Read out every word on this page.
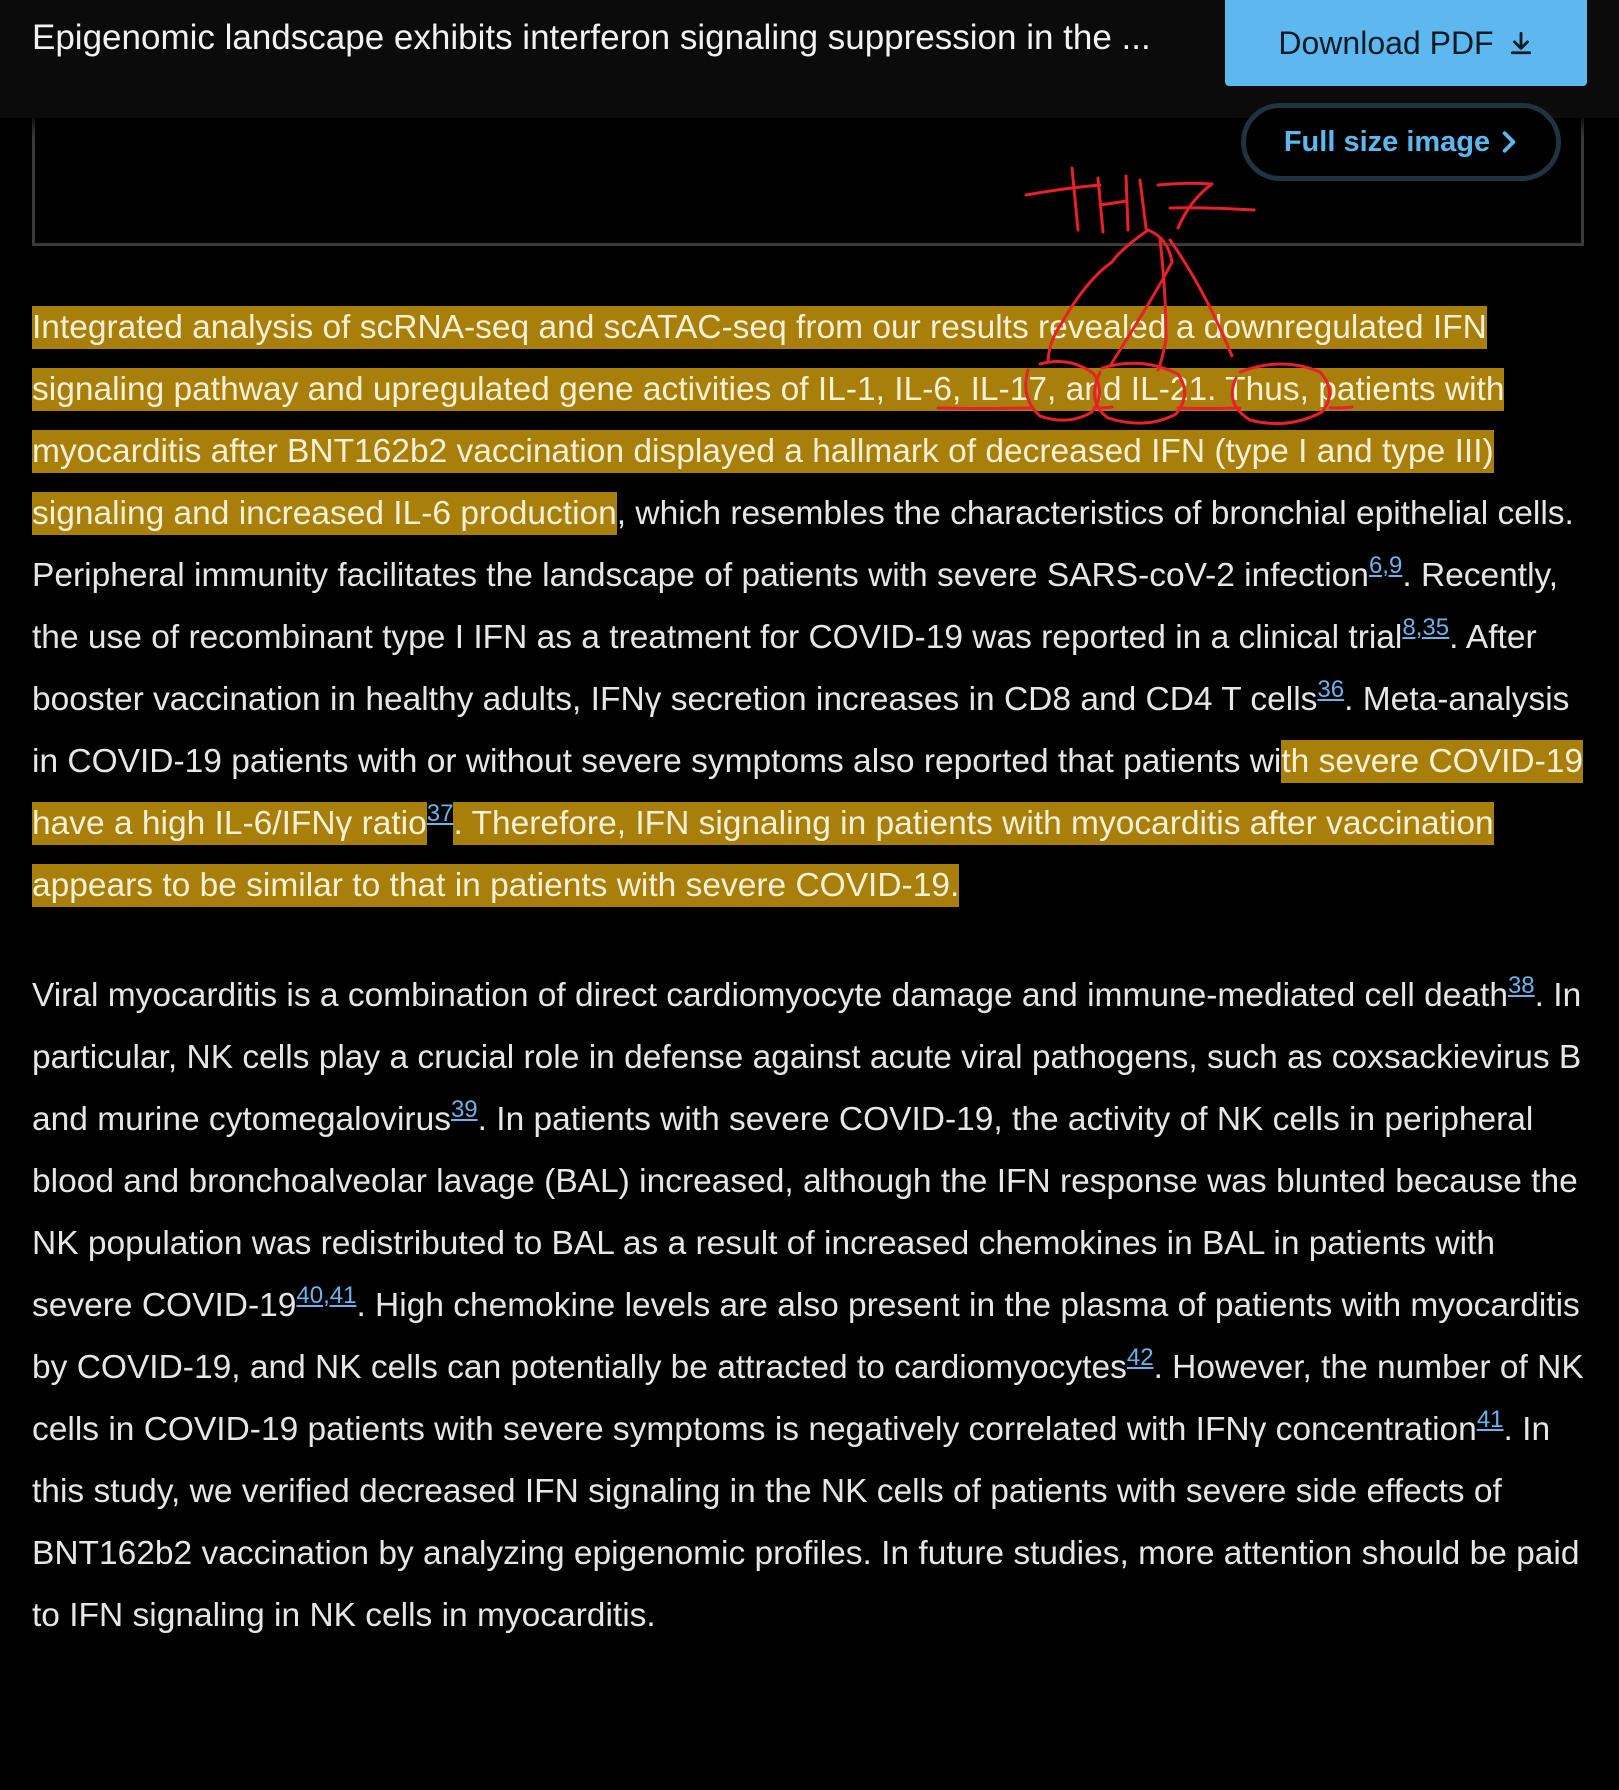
Epigenomic landscape exhibits interferon signaling suppression in the ...	Download PDF
Full size image

Integrated analysis of scRNA-seq and scATAC-seq from our results revealed a downregulated IFN signaling pathway and upregulated gene activities of IL-1, IL-6, IL-17, and IL-21. Thus, patients with myocarditis after BNT162b2 vaccination displayed a hallmark of decreased IFN (type I and type III) signaling and increased IL-6 production, which resembles the characteristics of bronchial epithelial cells. Peripheral immunity facilitates the landscape of patients with severe SARS-coV-2 infection$^{6,9}$. Recently, the use of recombinant type I IFN as a treatment for COVID-19 was reported in a clinical trial$^{8,35}$. After booster vaccination in healthy adults, IFNγ secretion increases in CD8 and CD4 T cells$^{36}$. Meta-analysis in COVID-19 patients with or without severe symptoms also reported that patients with severe COVID-19 have a high IL-6/IFNγ ratio$^{37}$. Therefore, IFN signaling in patients with myocarditis after vaccination appears to be similar to that in patients with severe COVID-19.

Viral myocarditis is a combination of direct cardiomyocyte damage and immune-mediated cell death$^{38}$. In particular, NK cells play a crucial role in defense against acute viral pathogens, such as coxsackievirus B and murine cytomegalovirus$^{39}$. In patients with severe COVID-19, the activity of NK cells in peripheral blood and bronchoalveolar lavage (BAL) increased, although the IFN response was blunted because the NK population was redistributed to BAL as a result of increased chemokines in BAL in patients with severe COVID-19$^{40,41}$. High chemokine levels are also present in the plasma of patients with myocarditis by COVID-19, and NK cells can potentially be attracted to cardiomyocytes$^{42}$. However, the number of NK cells in COVID-19 patients with severe symptoms is negatively correlated with IFNγ concentration$^{41}$. In this study, we verified decreased IFN signaling in the NK cells of patients with severe side effects of BNT162b2 vaccination by analyzing epigenomic profiles. In future studies, more attention should be paid to IFN signaling in NK cells in myocarditis.
